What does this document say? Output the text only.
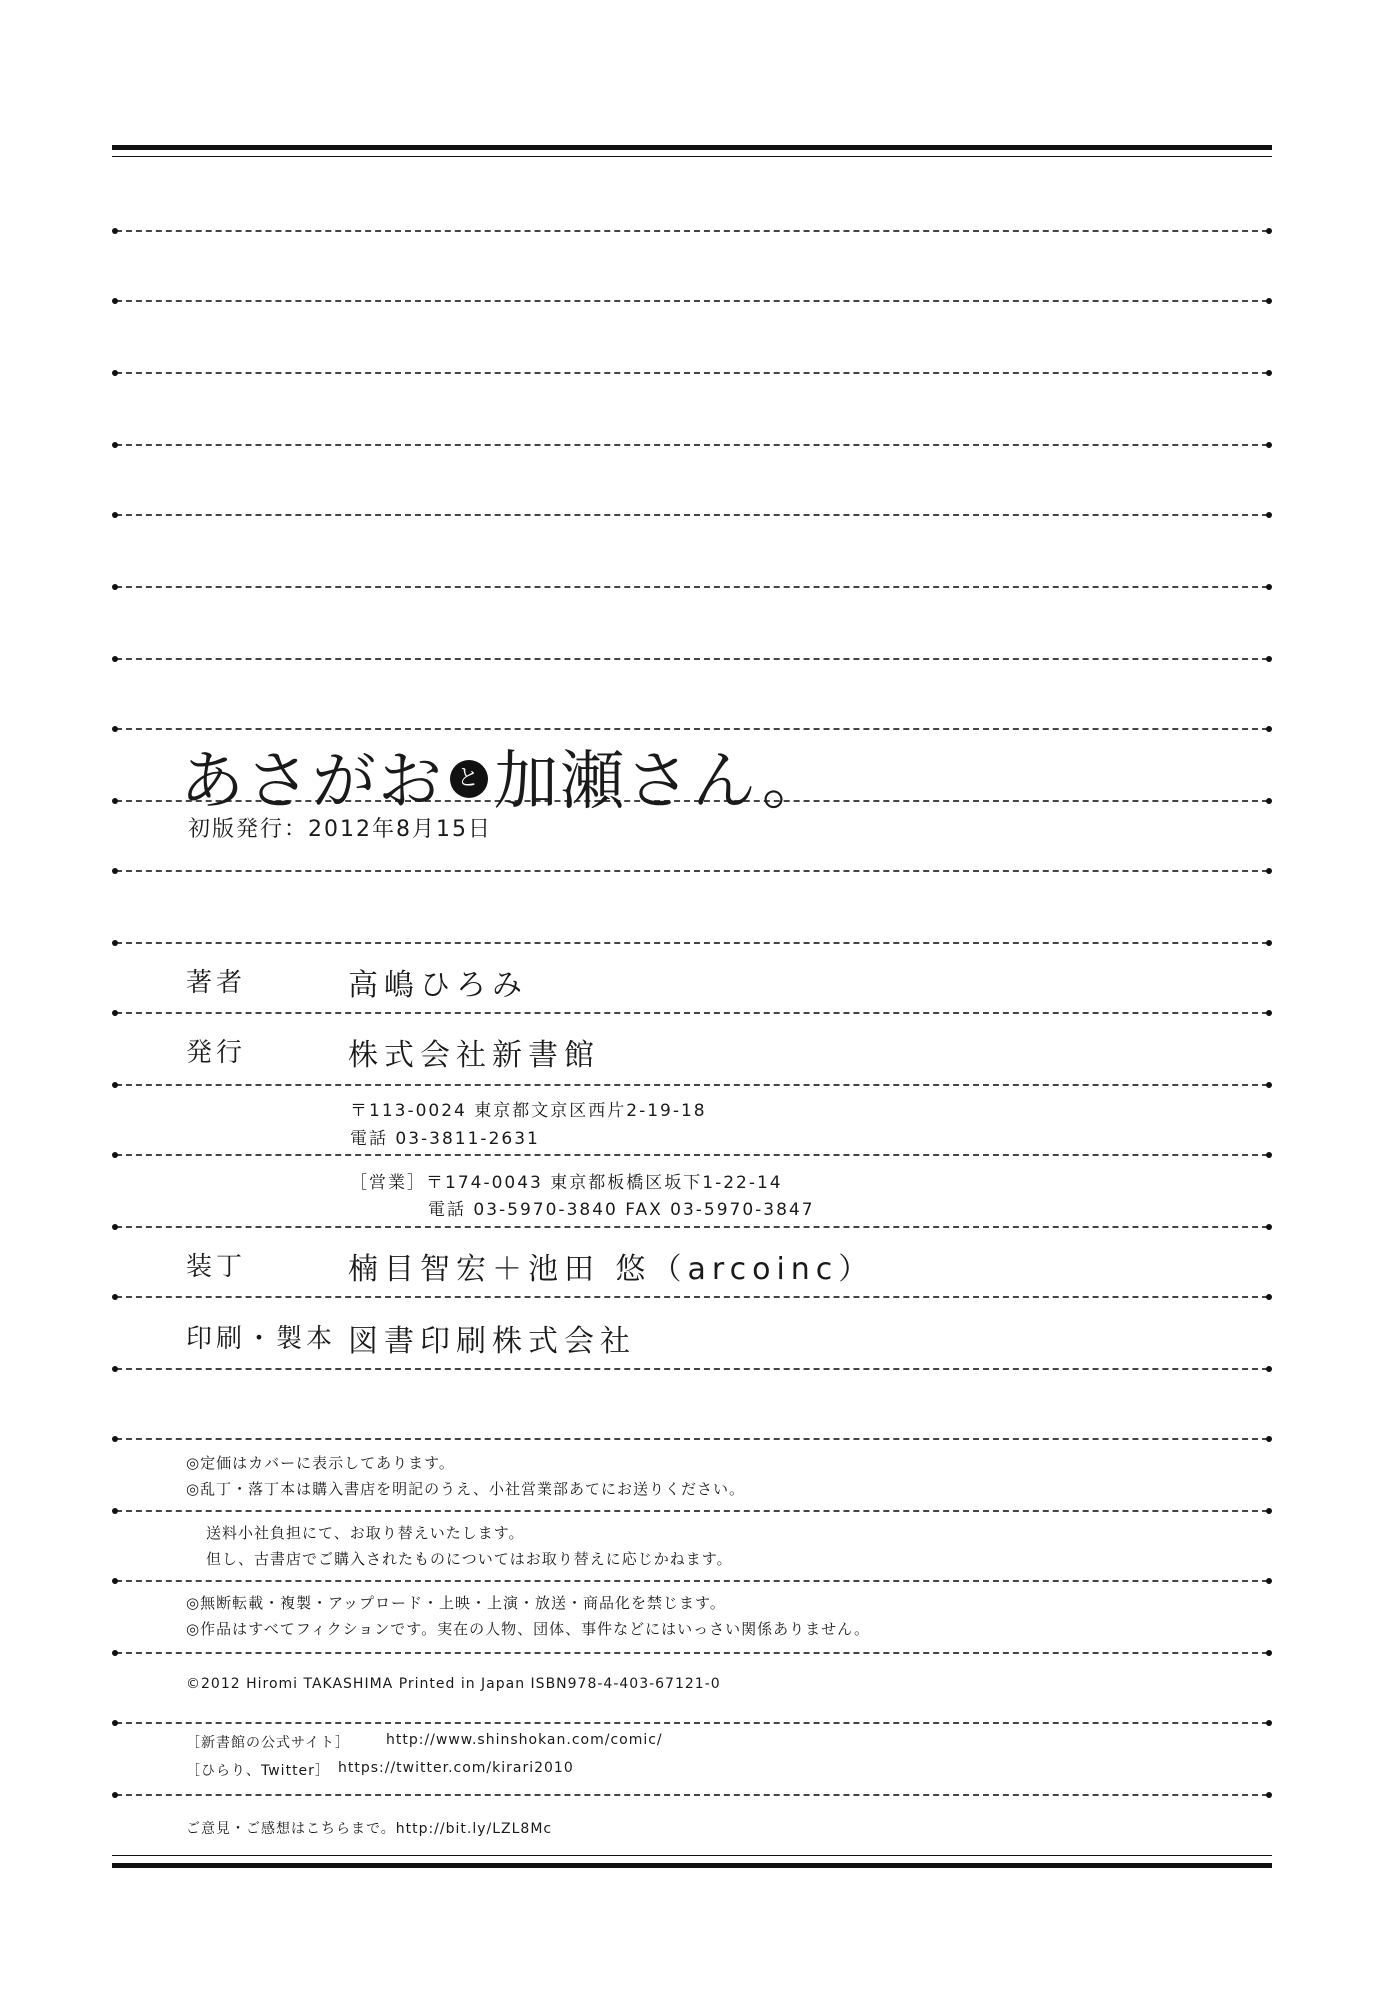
あさがお と 加瀬さん。
初版発行：2012年8月15日
著者	高嶋ひろみ
発行	株式会社新書館
〒113-0024 東京都文京区西片2-19-18
電話 03-3811-2631
［営業］〒174-0043 東京都板橋区坂下1-22-14
電話 03-5970-3840 FAX 03-5970-3847
装丁	楠目智宏＋池田 悠（arcoinc）
印刷・製本 図書印刷株式会社
◎定価はカバーに表示してあります。
◎乱丁・落丁本は購入書店を明記のうえ、小社営業部あてにお送りください。
送料小社負担にて、お取り替えいたします。
但し、古書店でご購入されたものについてはお取り替えに応じかねます。
◎無断転載・複製・アップロード・上映・上演・放送・商品化を禁じます。
◎作品はすべてフィクションです。実在の人物、団体、事件などにはいっさい関係ありません。
©2012 Hiromi TAKASHIMA Printed in Japan ISBN978-4-403-67121-0
［新書館の公式サイト］	http://www.shinshokan.com/comic/
［ひらり、Twitter］ https://twitter.com/kirari2010
ご意見・ご感想はこちらまで。http://bit.ly/LZL8Mc
